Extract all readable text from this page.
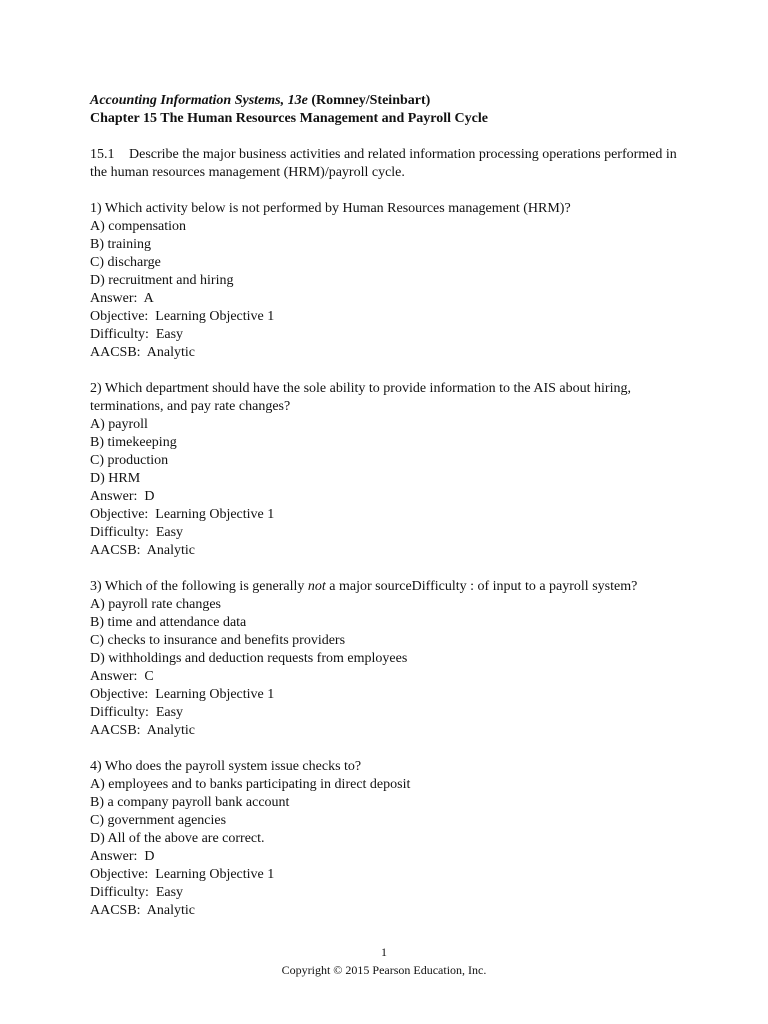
Accounting Information Systems, 13e (Romney/Steinbart)
Chapter 15 The Human Resources Management and Payroll Cycle
15.1 Describe the major business activities and related information processing operations performed in the human resources management (HRM)/payroll cycle.
1) Which activity below is not performed by Human Resources management (HRM)?
A) compensation
B) training
C) discharge
D) recruitment and hiring
Answer:  A
Objective:  Learning Objective 1
Difficulty:  Easy
AACSB:  Analytic
2) Which department should have the sole ability to provide information to the AIS about hiring, terminations, and pay rate changes?
A) payroll
B) timekeeping
C) production
D) HRM
Answer:  D
Objective:  Learning Objective 1
Difficulty:  Easy
AACSB:  Analytic
3) Which of the following is generally not a major sourceDifficulty : of input to a payroll system?
A) payroll rate changes
B) time and attendance data
C) checks to insurance and benefits providers
D) withholdings and deduction requests from employees
Answer:  C
Objective:  Learning Objective 1
Difficulty:  Easy
AACSB:  Analytic
4) Who does the payroll system issue checks to?
A) employees and to banks participating in direct deposit
B) a company payroll bank account
C) government agencies
D) All of the above are correct.
Answer:  D
Objective:  Learning Objective 1
Difficulty:  Easy
AACSB:  Analytic
1
Copyright © 2015 Pearson Education, Inc.
